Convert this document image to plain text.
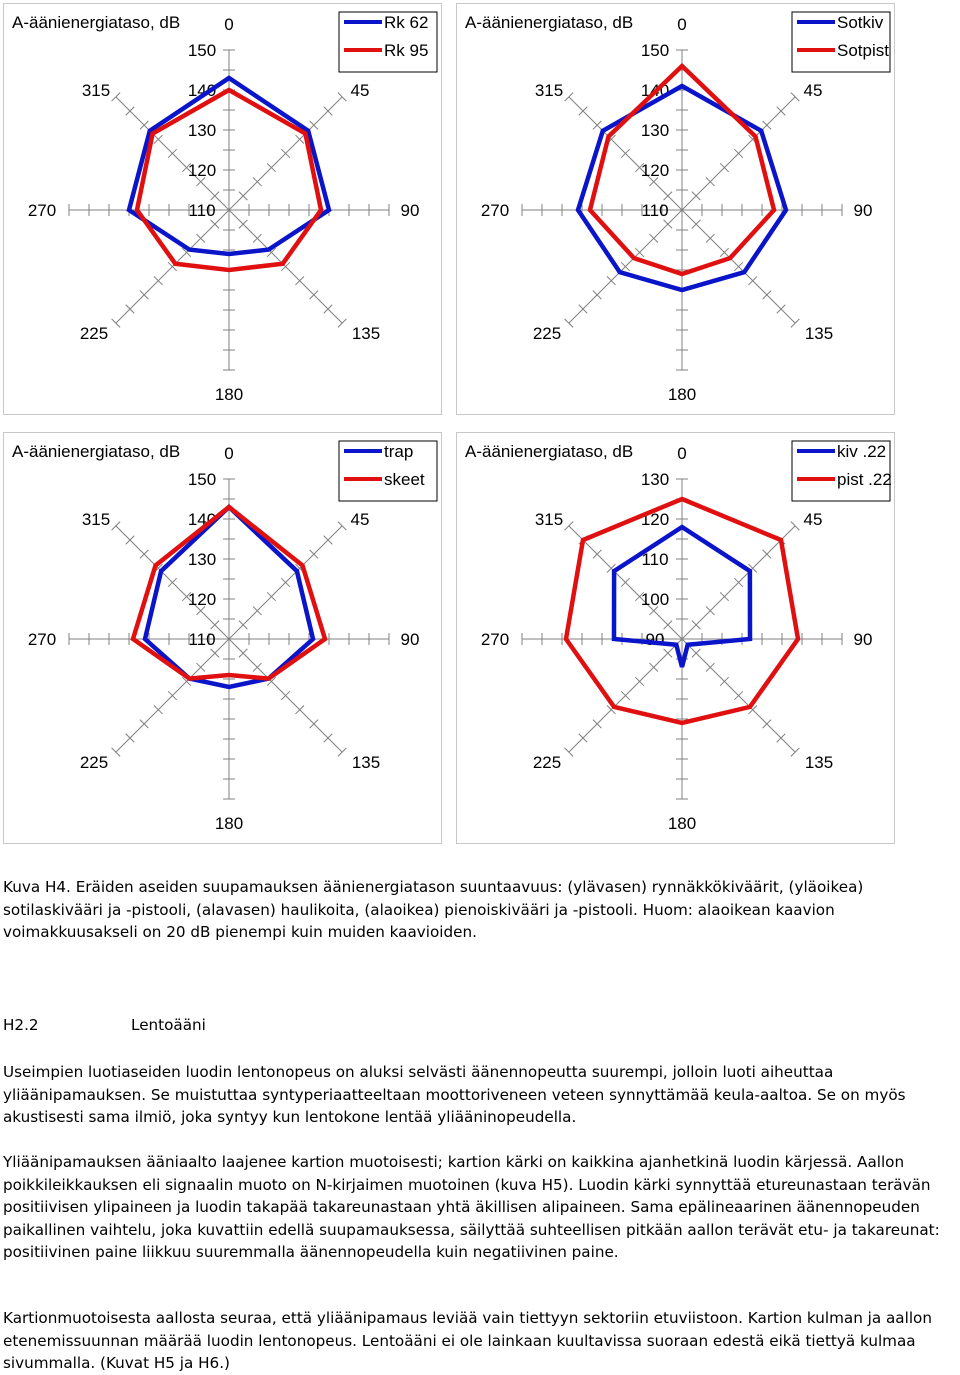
150
140
130
120
110
0
45
90
135
180
225
270
315
A-äänienergiataso, dB	Rk 62
Rk 95	150
140
130
120
110
0
45
90
135
180
225
270
315
A-äänienergiataso, dB	Sotkiv
Sotpist
150
140
130
120
110
0
45
90
135
180
225
270
315
A-äänienergiataso, dB	trap
skeet	130
120
110
100
90
0
45
90
135
180
225
270
315
A-äänienergiataso, dB	kiv .22
pist .22

Kuva H4. Eräiden aseiden suupamauksen äänienergiatason suuntaavuus: (ylävasen) rynnäkkökiväärit, (yläoikea) sotilaskivääri ja -pistooli, (alavasen) haulikoita, (alaoikea) pienoiskivääri ja -pistooli. Huom: alaoikean kaavion voimakkuusakseli on 20 dB pienempi kuin muiden kaavioiden.

H2.2	Lentoääni

Useimpien luotiaseiden luodin lentonopeus on aluksi selvästi äänennopeutta suurempi, jolloin luoti aiheuttaa yliäänipamauksen. Se muistuttaa syntyperiaatteeltaan moottoriveneen veteen synnyttämää keula-aaltoa. Se on myös akustisesti sama ilmiö, joka syntyy kun lentokone lentää yliääninopeudella.

Yliäänipamauksen ääniaalto laajenee kartion muotoisesti; kartion kärki on kaikkina ajanhetkinä luodin kärjessä. Aallon poikkileikkauksen eli signaalin muoto on N-kirjaimen muotoinen (kuva H5). Luodin kärki synnyttää etureunastaan terävän positiivisen ylipaineen ja luodin takapää takareunastaan yhtä äkillisen alipaineen. Sama epälineaarinen äänennopeuden paikallinen vaihtelu, joka kuvattiin edellä suupamauksessa, säilyttää suhteellisen pitkään aallon terävät etu- ja takareunat: positiivinen paine liikkuu suuremmalla äänennopeudella kuin negatiivinen paine.

Kartionmuotoisesta aallosta seuraa, että yliäänipamaus leviää vain tiettyyn sektoriin etuviistoon. Kartion kulman ja aallon etenemissuunnan määrää luodin lentonopeus. Lentoääni ei ole lainkaan kuultavissa suoraan edestä eikä tiettyä kulmaa sivummalla. (Kuvat H5 ja H6.)
